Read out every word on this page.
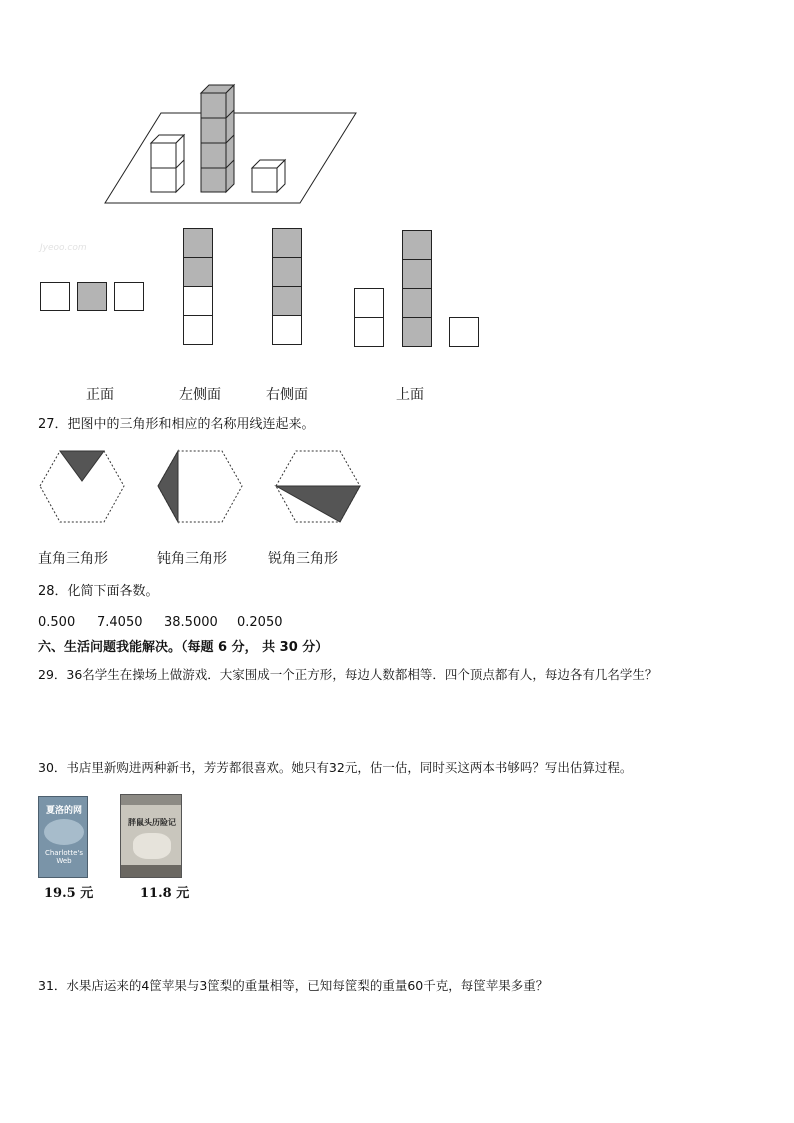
Jyeoo.com
正面	左侧面	右侧面	上面
27．把图中的三角形和相应的名称用线连起来。
直角三角形	钝角三角形	锐角三角形
28．化简下面各数。
0.500 7.4050 38.5000 0.2050
六、生活问题我能解决。（每题 6 分， 共 30 分）
29．36名学生在操场上做游戏．大家围成一个正方形，每边人数都相等．四个顶点都有人，每边各有几名学生？
30．书店里新购进两种新书，芳芳都很喜欢。她只有32元，估一估，同时买这两本书够吗？写出估算过程。
夏洛的网
Charlotte's Web
19.5 元
胖鼠头历险记
11.8 元
31．水果店运来的4筐苹果与3筐梨的重量相等，已知每筐梨的重量60千克，每筐苹果多重？
